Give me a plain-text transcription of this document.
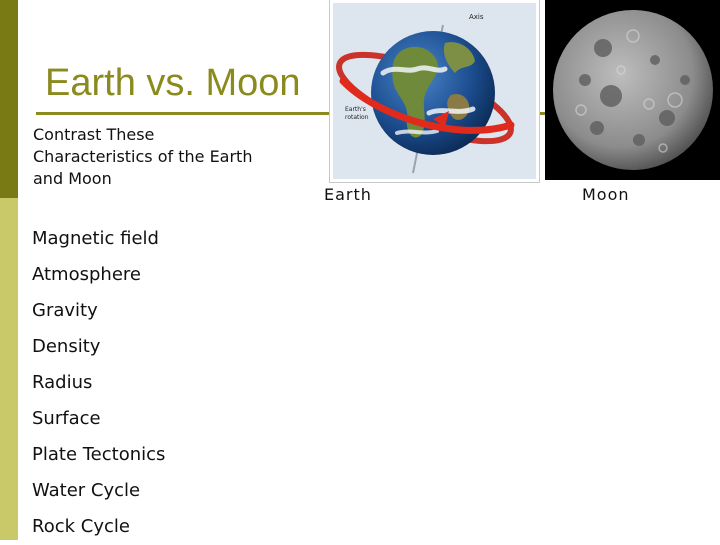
Earth vs. Moon
Contrast These Characteristics of the Earth and Moon
Magnetic field
Atmosphere
Gravity
Density
Radius
Surface
Plate Tectonics
Water Cycle
Rock Cycle
Axis
Earth's
rotation
Earth	Moon
